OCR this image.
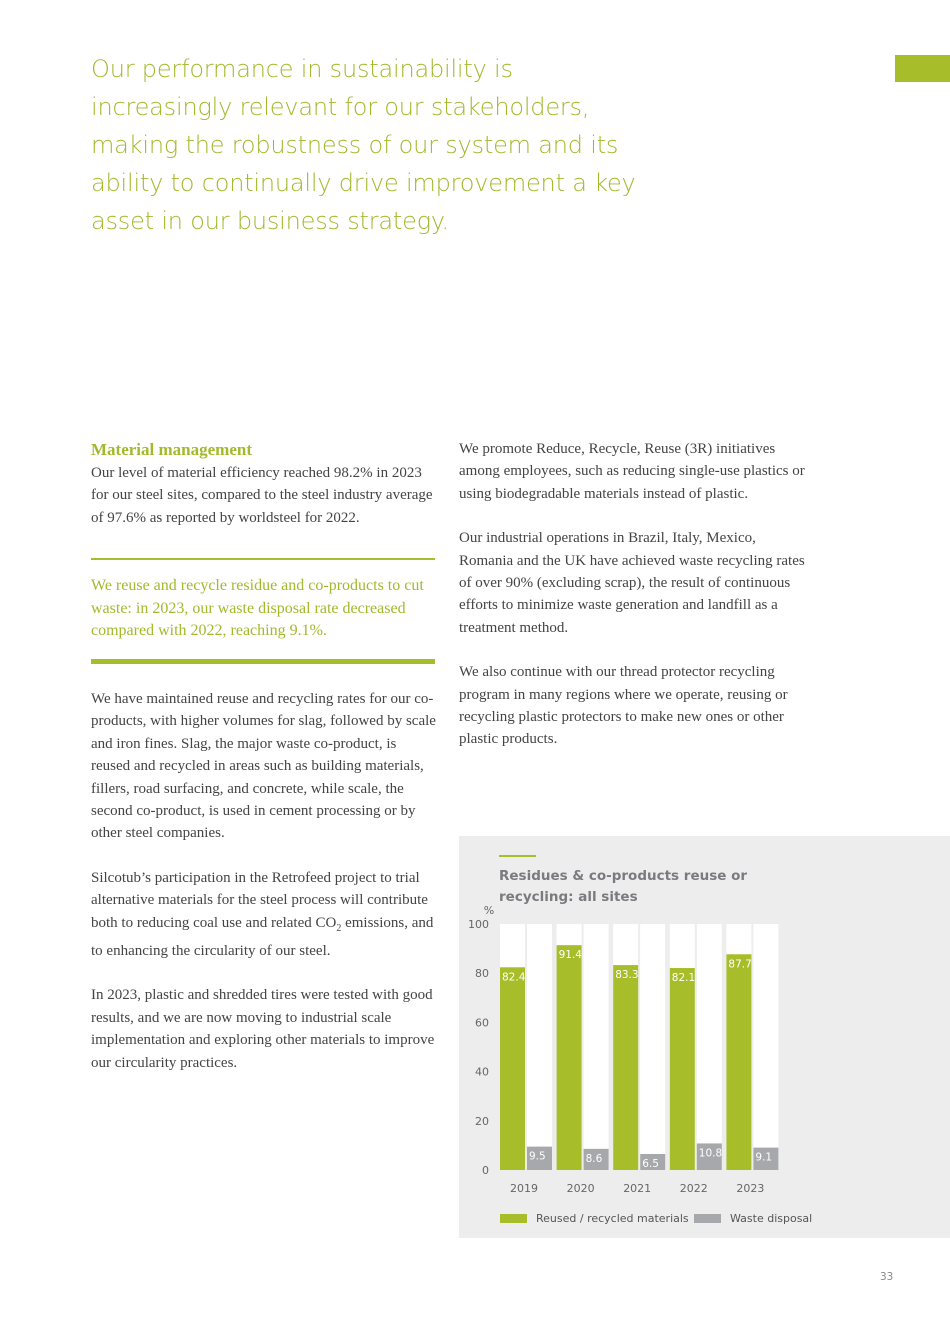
Our performance in sustainability is increasingly relevant for our stakeholders, making the robustness of our system and its ability to continually drive improvement a key asset in our business strategy.
Material management

Our level of material efficiency reached 98.2% in 2023 for our steel sites, compared to the steel industry average of 97.6% as reported by worldsteel for 2022.

We reuse and recycle residue and co-products to cut waste: in 2023, our waste disposal rate decreased compared with 2022, reaching 9.1%.

We have maintained reuse and recycling rates for our co-products, with higher volumes for slag, followed by scale and iron fines. Slag, the major waste co-product, is reused and recycled in areas such as building materials, fillers, road surfacing, and concrete, while scale, the second co-product, is used in cement processing or by other steel companies.

Silcotub’s participation in the Retrofeed project to trial alternative materials for the steel process will contribute both to reducing coal use and related $CO_2$ emissions, and to enhancing the circularity of our steel.

In 2023, plastic and shredded tires were tested with good results, and we are now moving to industrial scale implementation and exploring other materials to improve our circularity practices.

We promote Reduce, Recycle, Reuse (3R) initiatives among employees, such as reducing single-use plastics or using biodegradable materials instead of plastic.

Our industrial operations in Brazil, Italy, Mexico, Romania and the UK have achieved waste recycling rates of over 90% (excluding scrap), the result of continuous efforts to minimize waste generation and landfill as a treatment method.

We also continue with our thread protector recycling program in many regions where we operate, reusing or recycling plastic protectors to make new ones or other plastic products.

Residues & co-products reuse or recycling: all sites

%
0
20
40
60
80
100
82.4
91.4
83.3	82.1
87.7
9.5	8.6	6.5
10.8	9.1
2019	2020	2021	2022	2023
Reused / recycled materials	Waste disposal
33
